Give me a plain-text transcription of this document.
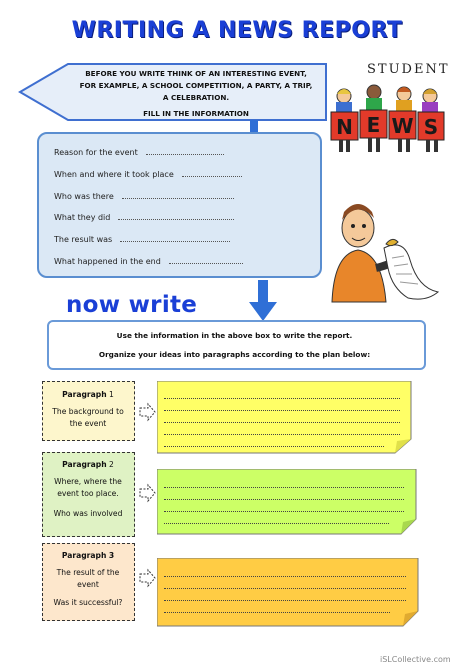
WRITING A NEWS REPORT
BEFORE YOU WRITE THINK OF AN INTERESTING EVENT,
FOR EXAMPLE, A SCHOOL COMPETITION, A PARTY, A TRIP,
A CELEBRATION.
FILL IN THE INFORMATION
Reason for the event
When and where it took place
Who was there
What they did
The result was
What happened in the end
STUDENT
N E W S
now write
Use the information in the above box to write the report.
Organize your ideas into paragraphs according to the plan below:
Paragraph 1
The background to
the event
Paragraph 2
Where, where the
event too place.
Who was involved
Paragraph 3
The result of the
event
Was it successful?
iSLCollective.com
